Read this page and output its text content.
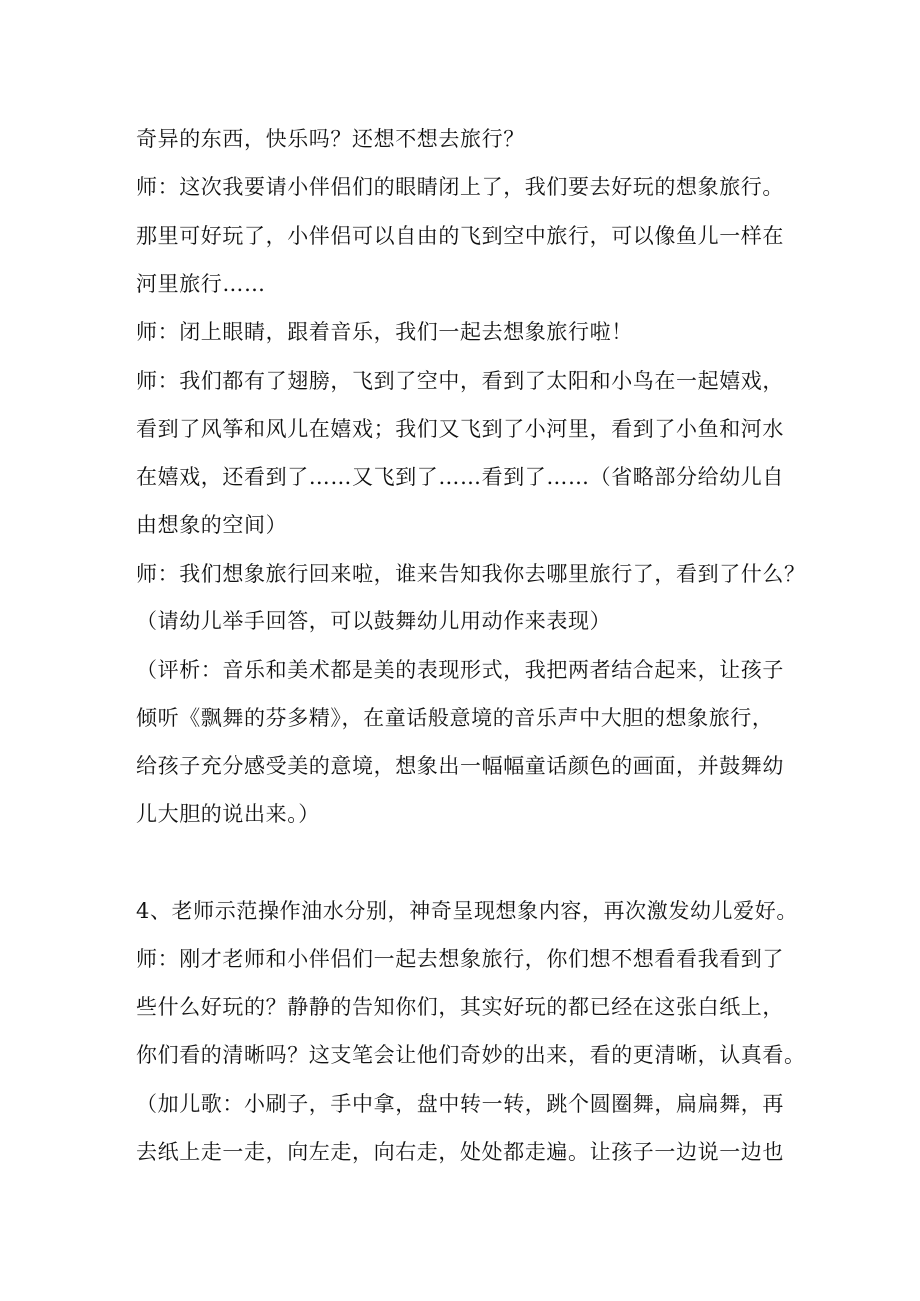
奇异的东西，快乐吗？还想不想去旅行？
师：这次我要请小伴侣们的眼睛闭上了，我们要去好玩的想象旅行。
那里可好玩了，小伴侣可以自由的飞到空中旅行，可以像鱼儿一样在
河里旅行……
师：闭上眼睛，跟着音乐，我们一起去想象旅行啦！
师：我们都有了翅膀，飞到了空中，看到了太阳和小鸟在一起嬉戏，
看到了风筝和风儿在嬉戏；我们又飞到了小河里，看到了小鱼和河水
在嬉戏，还看到了……又飞到了……看到了……（省略部分给幼儿自
由想象的空间）
师：我们想象旅行回来啦，谁来告知我你去哪里旅行了，看到了什么？
（请幼儿举手回答，可以鼓舞幼儿用动作来表现）
（评析：音乐和美术都是美的表现形式，我把两者结合起来，让孩子
倾听《飘舞的芬多精》，在童话般意境的音乐声中大胆的想象旅行，
给孩子充分感受美的意境，想象出一幅幅童话颜色的画面，并鼓舞幼
儿大胆的说出来。）
4、老师示范操作油水分别，神奇呈现想象内容，再次激发幼儿爱好。
师：刚才老师和小伴侣们一起去想象旅行，你们想不想看看我看到了
些什么好玩的？静静的告知你们，其实好玩的都已经在这张白纸上，
你们看的清晰吗？这支笔会让他们奇妙的出来，看的更清晰，认真看。
（加儿歌：小刷子，手中拿，盘中转一转，跳个圆圈舞，扁扁舞，再
去纸上走一走，向左走，向右走，处处都走遍。让孩子一边说一边也
